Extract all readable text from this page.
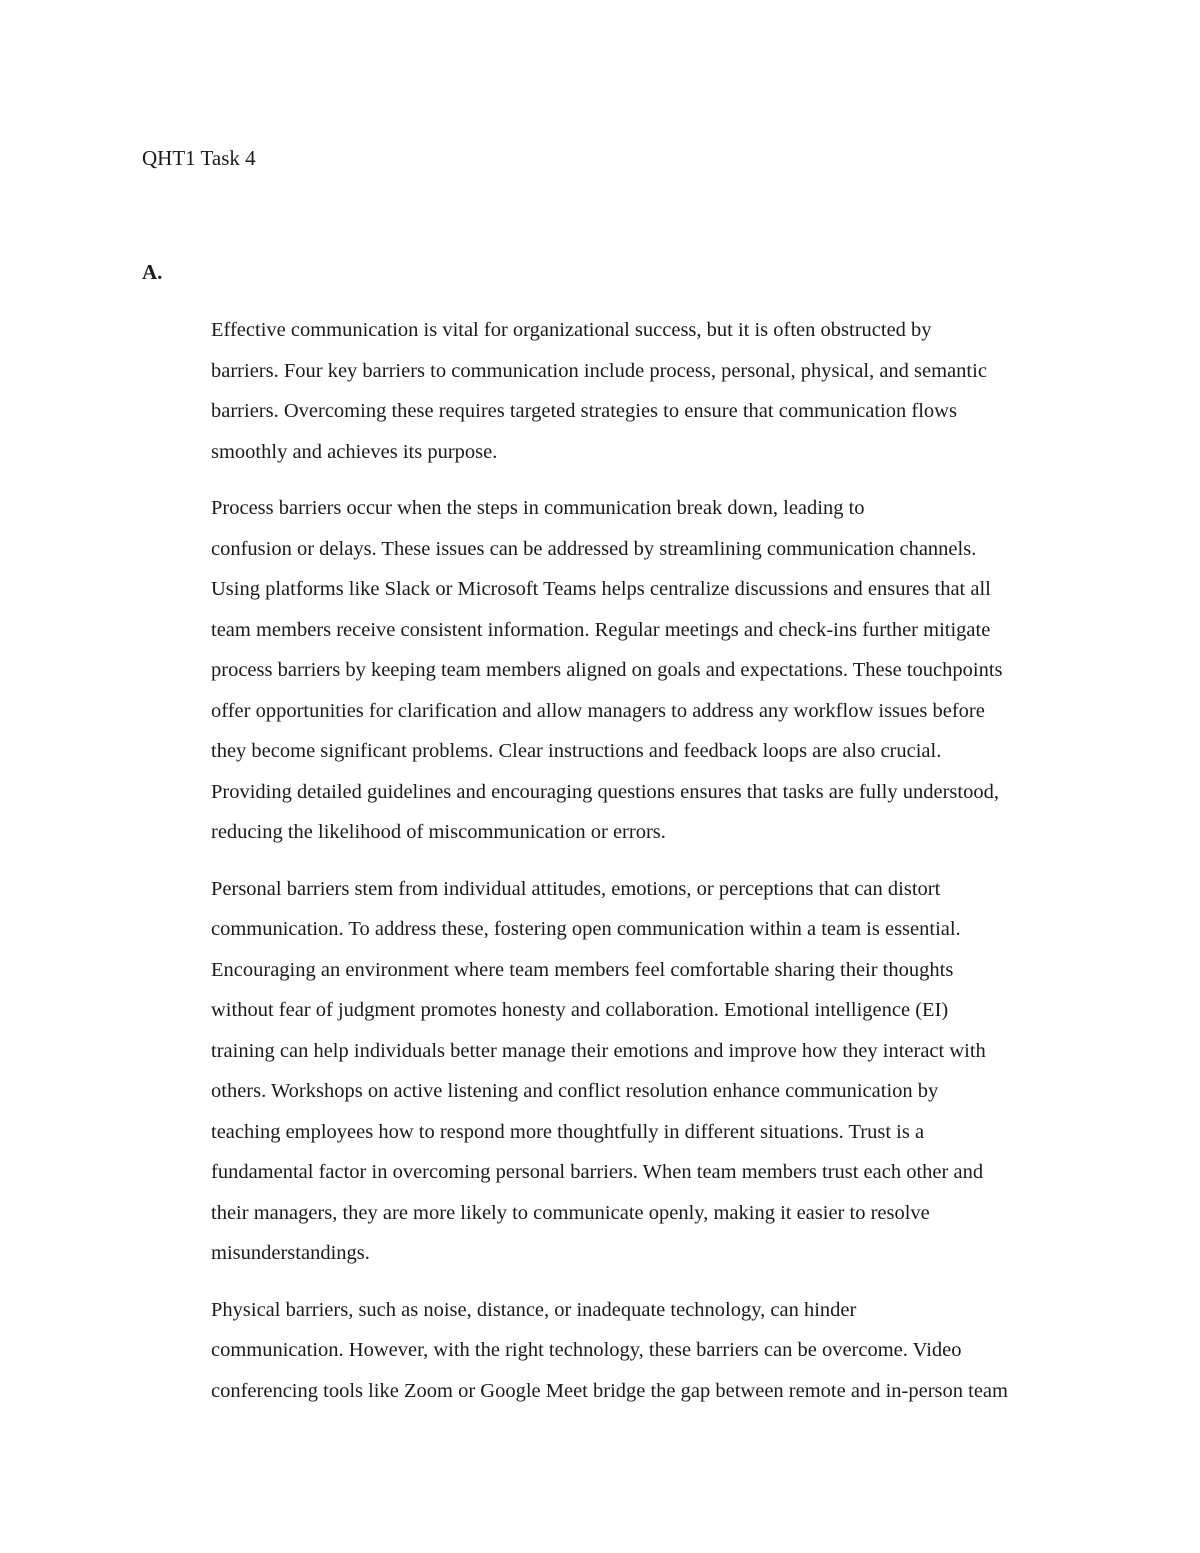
QHT1 Task 4
A.

Effective communication is vital for organizational success, but it is often obstructed by
barriers. Four key barriers to communication include process, personal, physical, and semantic
barriers. Overcoming these requires targeted strategies to ensure that communication flows
smoothly and achieves its purpose.

Process barriers occur when the steps in communication break down, leading to
confusion or delays. These issues can be addressed by streamlining communication channels.
Using platforms like Slack or Microsoft Teams helps centralize discussions and ensures that all
team members receive consistent information. Regular meetings and check-ins further mitigate
process barriers by keeping team members aligned on goals and expectations. These touchpoints
offer opportunities for clarification and allow managers to address any workflow issues before
they become significant problems. Clear instructions and feedback loops are also crucial.
Providing detailed guidelines and encouraging questions ensures that tasks are fully understood,
reducing the likelihood of miscommunication or errors.

Personal barriers stem from individual attitudes, emotions, or perceptions that can distort
communication. To address these, fostering open communication within a team is essential.
Encouraging an environment where team members feel comfortable sharing their thoughts
without fear of judgment promotes honesty and collaboration. Emotional intelligence (EI)
training can help individuals better manage their emotions and improve how they interact with
others. Workshops on active listening and conflict resolution enhance communication by
teaching employees how to respond more thoughtfully in different situations. Trust is a
fundamental factor in overcoming personal barriers. When team members trust each other and
their managers, they are more likely to communicate openly, making it easier to resolve
misunderstandings.

Physical barriers, such as noise, distance, or inadequate technology, can hinder
communication. However, with the right technology, these barriers can be overcome. Video
conferencing tools like Zoom or Google Meet bridge the gap between remote and in-person team
